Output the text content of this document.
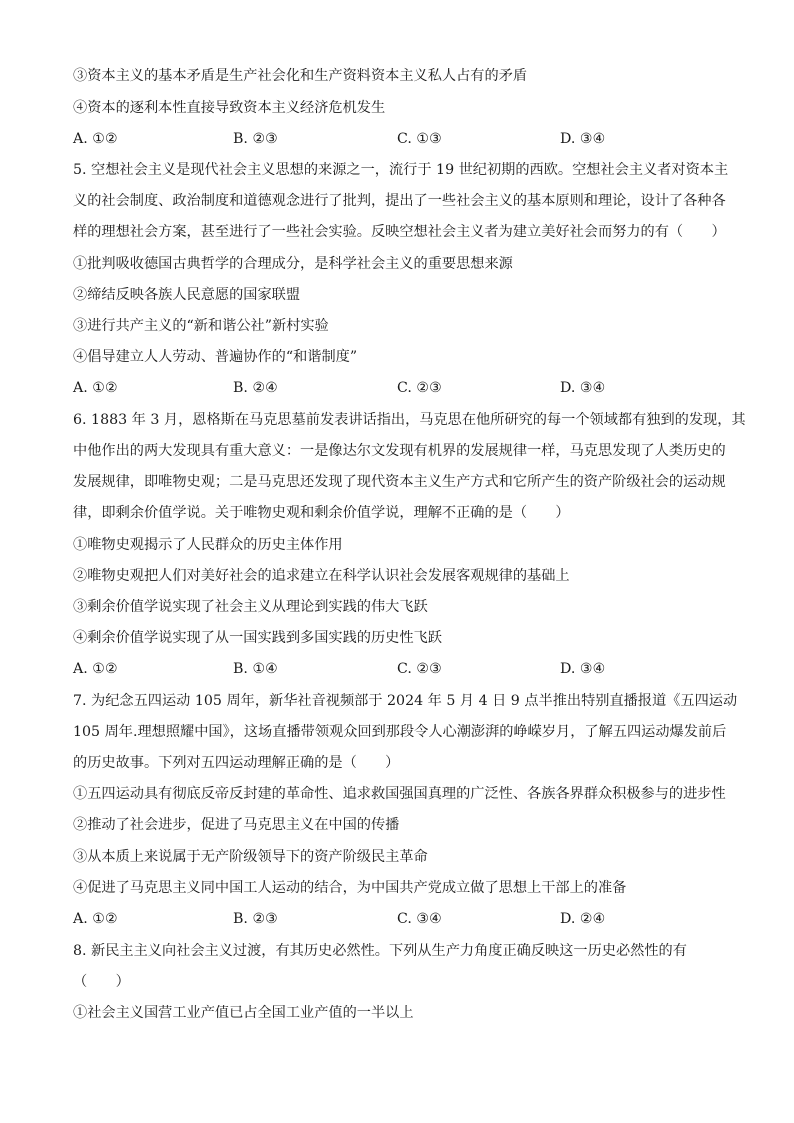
③资本主义的基本矛盾是生产社会化和生产资料资本主义私人占有的矛盾
④资本的逐利本性直接导致资本主义经济危机发生
A. ①②	B. ②③	C. ①③	D. ③④
5. 空想社会主义是现代社会主义思想的来源之一，流行于 19 世纪初期的西欧。空想社会主义者对资本主
义的社会制度、政治制度和道德观念进行了批判，提出了一些社会主义的基本原则和理论，设计了各种各
样的理想社会方案，甚至进行了一些社会实验。反映空想社会主义者为建立美好社会而努力的有（　　）
①批判吸收德国古典哲学的合理成分，是科学社会主义的重要思想来源
②缔结反映各族人民意愿的国家联盟
③进行共产主义的“新和谐公社”新村实验
④倡导建立人人劳动、普遍协作的“和谐制度”
A. ①②	B. ②④	C. ②③	D. ③④
6. 1883 年 3 月，恩格斯在马克思墓前发表讲话指出，马克思在他所研究的每一个领域都有独到的发现，其
中他作出的两大发现具有重大意义：一是像达尔文发现有机界的发展规律一样，马克思发现了人类历史的
发展规律，即唯物史观；二是马克思还发现了现代资本主义生产方式和它所产生的资产阶级社会的运动规
律，即剩余价值学说。关于唯物史观和剩余价值学说，理解不正确的是（　　）
①唯物史观揭示了人民群众的历史主体作用
②唯物史观把人们对美好社会的追求建立在科学认识社会发展客观规律的基础上
③剩余价值学说实现了社会主义从理论到实践的伟大飞跃
④剩余价值学说实现了从一国实践到多国实践的历史性飞跃
A. ①②	B. ①④	C. ②③	D. ③④
7. 为纪念五四运动 105 周年，新华社音视频部于 2024 年 5 月 4 日 9 点半推出特别直播报道《五四运动
105 周年.理想照耀中国》，这场直播带领观众回到那段令人心潮澎湃的峥嵘岁月，了解五四运动爆发前后
的历史故事。下列对五四运动理解正确的是（　　）
①五四运动具有彻底反帝反封建的革命性、追求救国强国真理的广泛性、各族各界群众积极参与的进步性
②推动了社会进步，促进了马克思主义在中国的传播
③从本质上来说属于无产阶级领导下的资产阶级民主革命
④促进了马克思主义同中国工人运动的结合，为中国共产党成立做了思想上干部上的准备
A. ①②	B. ②③	C. ③④	D. ②④
8. 新民主主义向社会主义过渡，有其历史必然性。下列从生产力角度正确反映这一历史必然性的有
（　　）
①社会主义国营工业产值已占全国工业产值的一半以上
